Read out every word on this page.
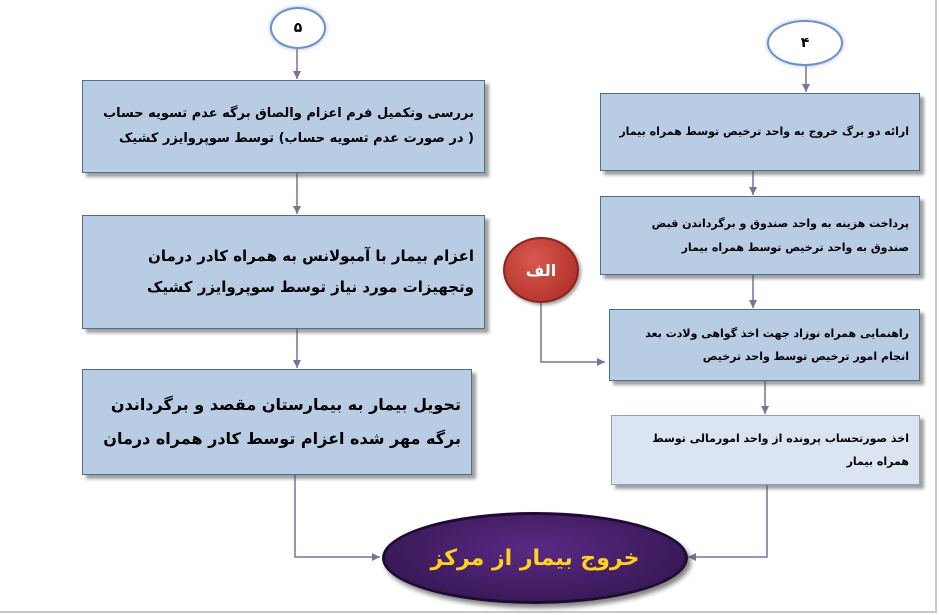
۵
۴
بررسی وتکمیل فرم اعزام والصاق برگه عدم تسویه حساب ( در صورت عدم تسویه حساب) توسط سوپروایزر کشیک
اعزام بیمار با آمبولانس به همراه کادر درمان وتجهیزات مورد نیاز توسط سوپروایزر کشیک
تحویل بیمار به بیمارستان مقصد و برگرداندن برگه مهر شده اعزام توسط کادر همراه درمان
ارائه دو برگ خروج به واحد ترخیص توسط همراه بیمار
پرداخت هزینه به واحد صندوق و برگرداندن قبض صندوق به واحد ترخیص توسط همراه بیمار
راهنمایی همراه نوزاد جهت اخذ گواهی ولادت بعد انجام امور ترخیص توسط واحد ترخیص
اخذ صورتحساب پرونده از واحد امورمالی توسط همراه بیمار
الف
خروج بیمار از مرکز
